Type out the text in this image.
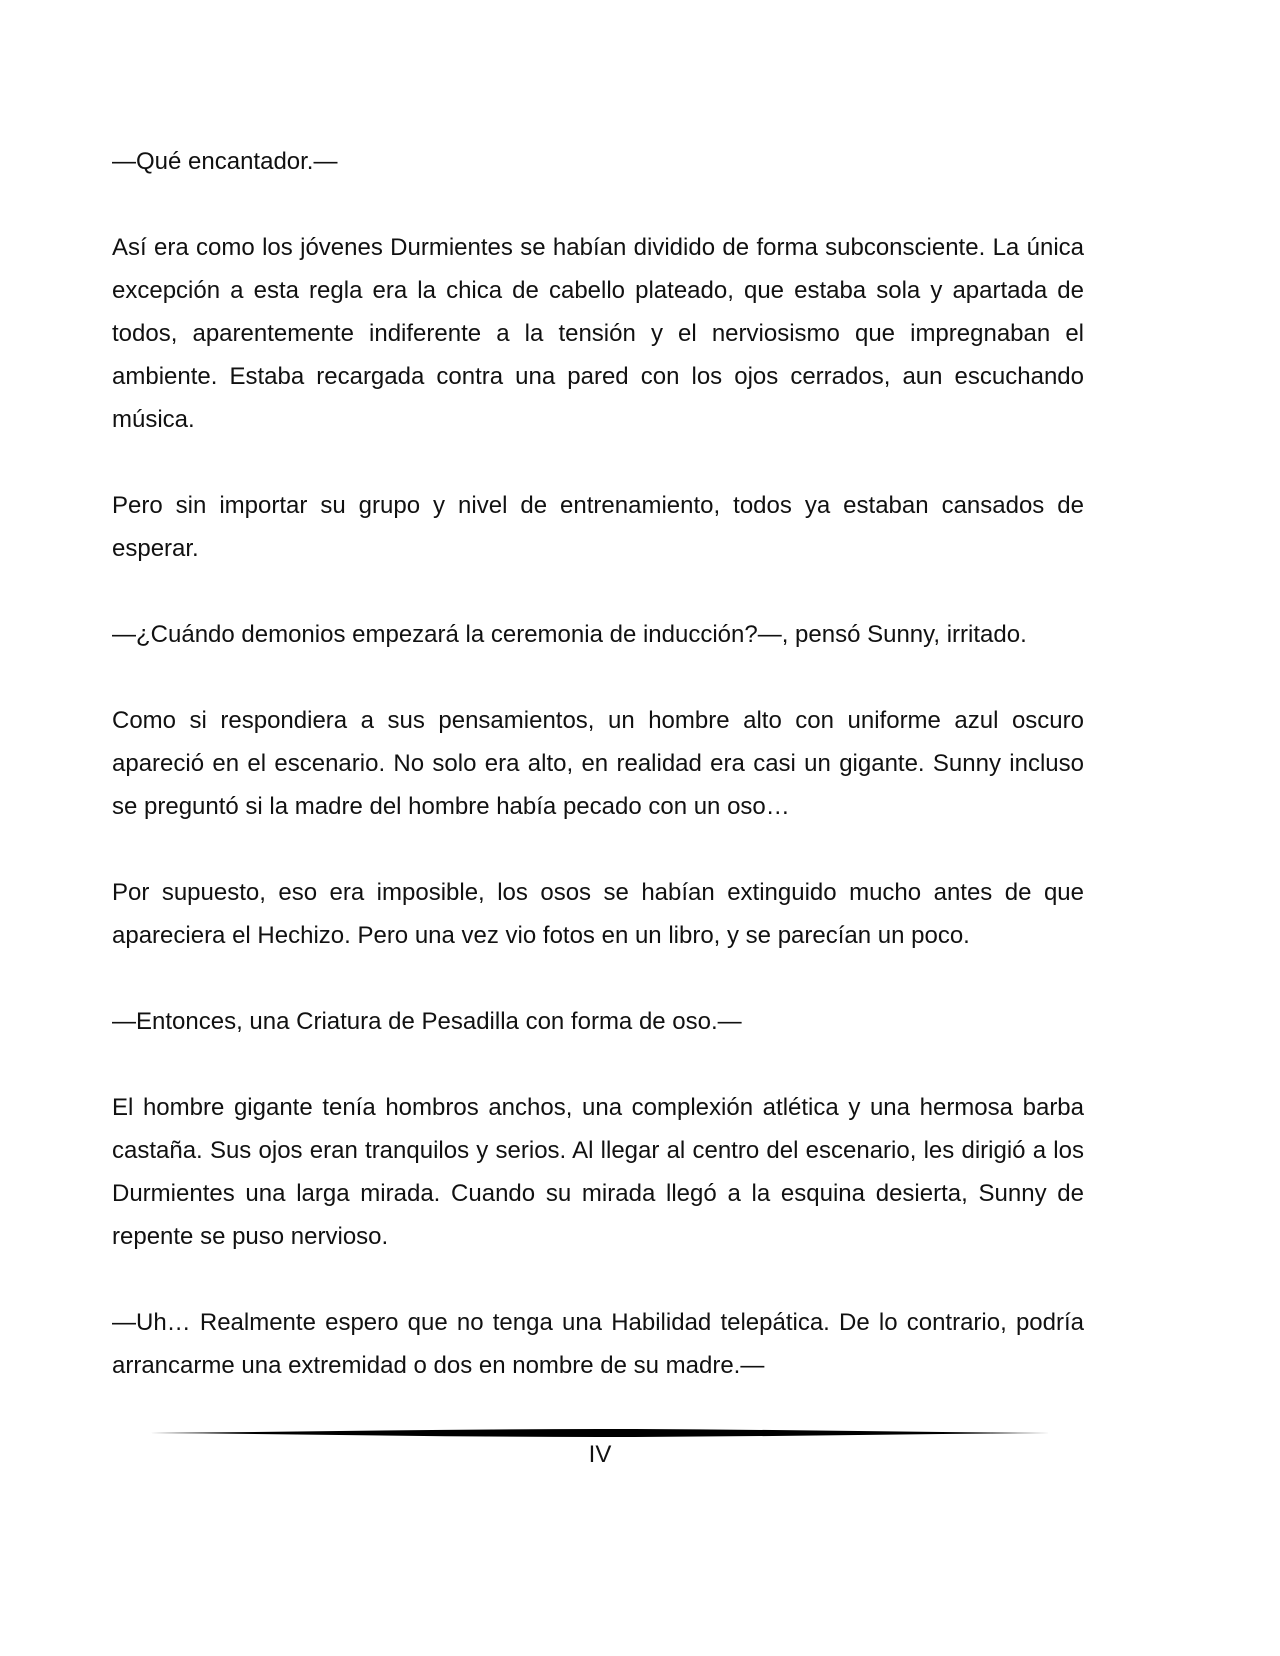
—Qué encantador.—

Así era como los jóvenes Durmientes se habían dividido de forma subconsciente. La única excepción a esta regla era la chica de cabello plateado, que estaba sola y apartada de todos, aparentemente indiferente a la tensión y el nerviosismo que impregnaban el ambiente. Estaba recargada contra una pared con los ojos cerrados, aun escuchando música.

Pero sin importar su grupo y nivel de entrenamiento, todos ya estaban cansados de esperar.

—¿Cuándo demonios empezará la ceremonia de inducción?—, pensó Sunny, irritado.

Como si respondiera a sus pensamientos, un hombre alto con uniforme azul oscuro apareció en el escenario. No solo era alto, en realidad era casi un gigante. Sunny incluso se preguntó si la madre del hombre había pecado con un oso…

Por supuesto, eso era imposible, los osos se habían extinguido mucho antes de que apareciera el Hechizo. Pero una vez vio fotos en un libro, y se parecían un poco.

—Entonces, una Criatura de Pesadilla con forma de oso.—

El hombre gigante tenía hombros anchos, una complexión atlética y una hermosa barba castaña. Sus ojos eran tranquilos y serios. Al llegar al centro del escenario, les dirigió a los Durmientes una larga mirada. Cuando su mirada llegó a la esquina desierta, Sunny de repente se puso nervioso.

—Uh… Realmente espero que no tenga una Habilidad telepática. De lo contrario, podría arrancarme una extremidad o dos en nombre de su madre.—

IV
